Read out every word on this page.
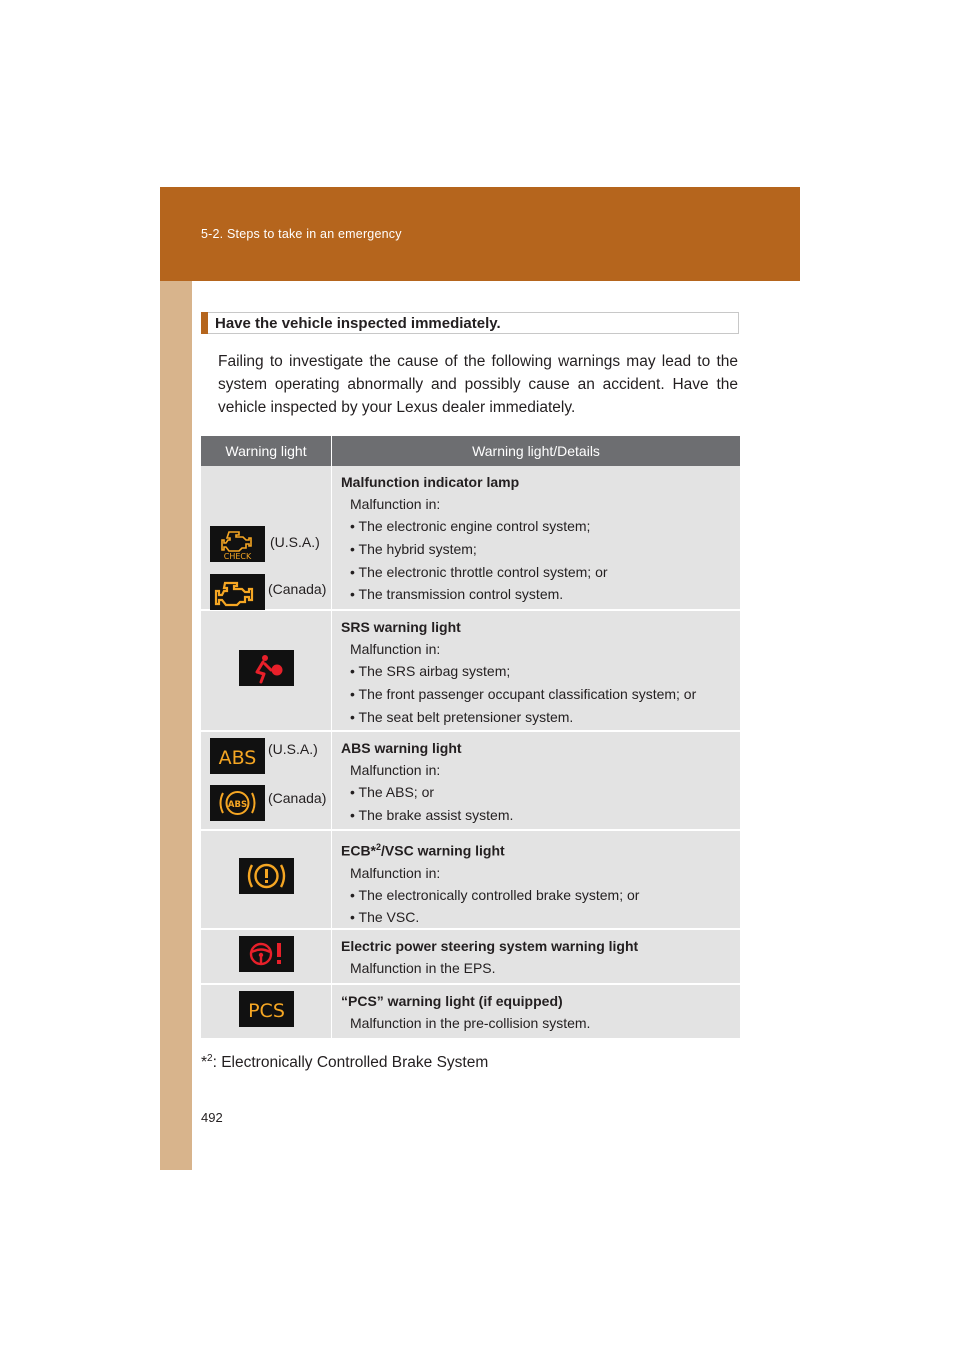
5-2. Steps to take in an emergency
Have the vehicle inspected immediately.
Failing to investigate the cause of the following warnings may lead to the system operating abnormally and possibly cause an accident. Have the vehicle inspected by your Lexus dealer immediately.
Warning light	Warning light/Details
CHECK
(U.S.A.)
(Canada)
Malfunction indicator lamp
Malfunction in:
• The electronic engine control system;
• The hybrid system;
• The electronic throttle control system; or
• The transmission control system.
SRS warning light
Malfunction in:
• The SRS airbag system;
• The front passenger occupant classification system; or
• The seat belt pretensioner system.
ABS (U.S.A.)
ABS (Canada)
ABS warning light
Malfunction in:
• The ABS; or
• The brake assist system.
ECB*$^2$/VSC warning light
Malfunction in:
• The electronically controlled brake system; or
• The VSC.
Electric power steering system warning light
Malfunction in the EPS.
PCS	“PCS” warning light (if equipped)
Malfunction in the pre-collision system.
*$^2$: Electronically Controlled Brake System
492
